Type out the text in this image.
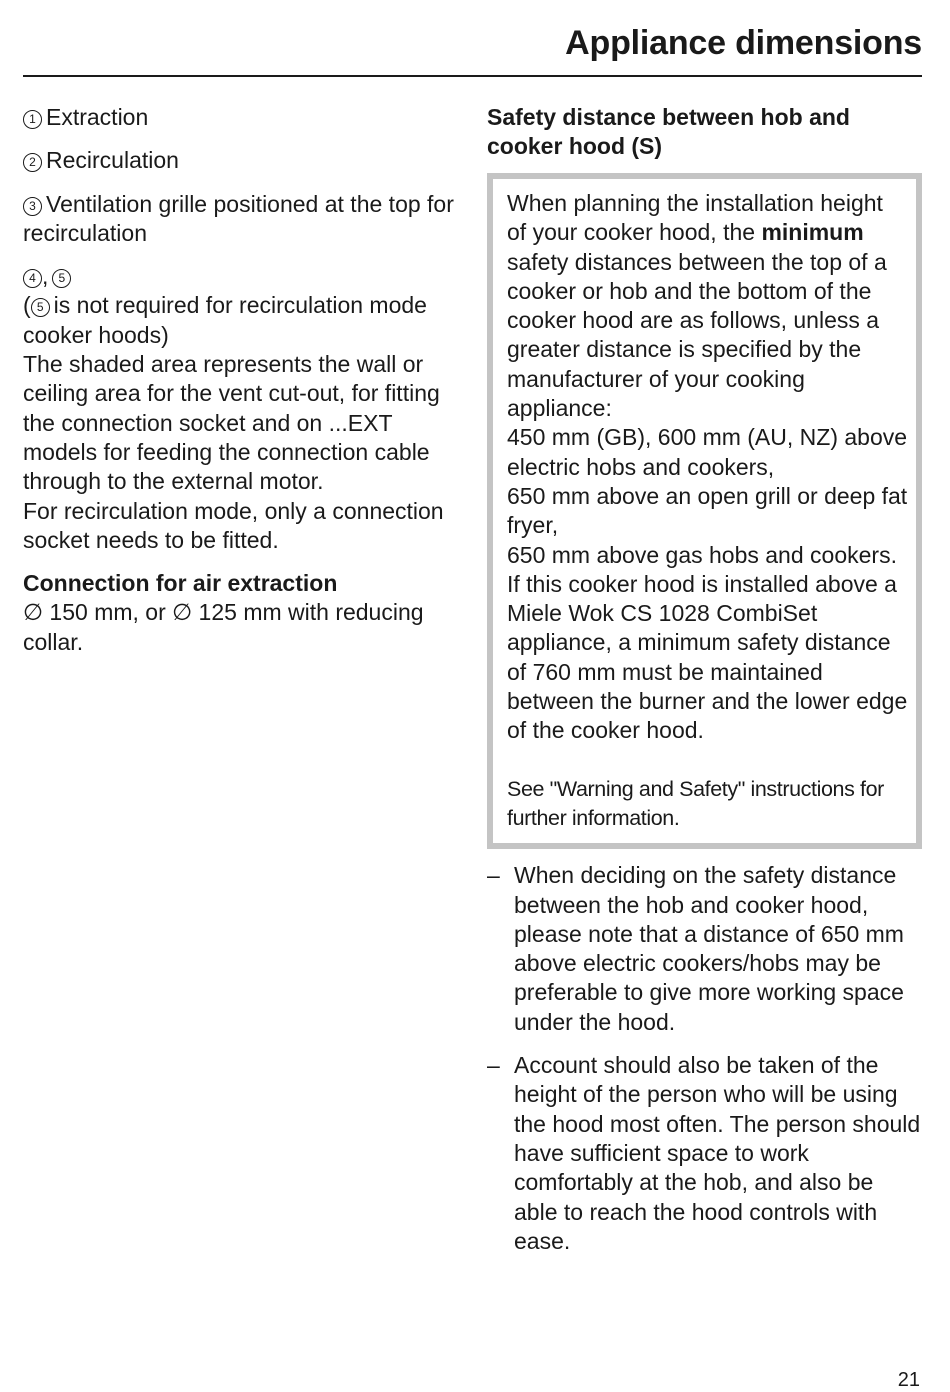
Appliance dimensions

1 Extraction

2 Recirculation

3 Ventilation grille positioned at the top for recirculation

4 , 5
( 5 is not required for recirculation mode cooker hoods)
The shaded area represents the wall or ceiling area for the vent cut-out, for fitting the connection socket and on ...EXT models for feeding the connection cable through to the external motor.
For recirculation mode, only a connection socket needs to be fitted.

Connection for air extraction

∅ 150 mm, or ∅ 125 mm with reducing collar.

Safety distance between hob and cooker hood (S)

When planning the installation height of your cooker hood, the minimum safety distances between the top of a cooker or hob and the bottom of the cooker hood are as follows, unless a greater distance is specified by the manufacturer of your cooking appliance:

450 mm (GB), 600 mm (AU, NZ) above electric hobs and cookers,

650 mm above an open grill or deep fat fryer,

650 mm above gas hobs and cookers.

If this cooker hood is installed above a Miele Wok CS 1028 CombiSet appliance, a minimum safety distance of 760 mm must be maintained between the burner and the lower edge of the cooker hood.

See "Warning and Safety" instructions for further information.

– When deciding on the safety distance between the hob and cooker hood, please note that a distance of 650 mm above electric cookers/hobs may be preferable to give more working space under the hood.
– Account should also be taken of the height of the person who will be using the hood most often. The person should have sufficient space to work comfortably at the hob, and also be able to reach the hood controls with ease.
21
